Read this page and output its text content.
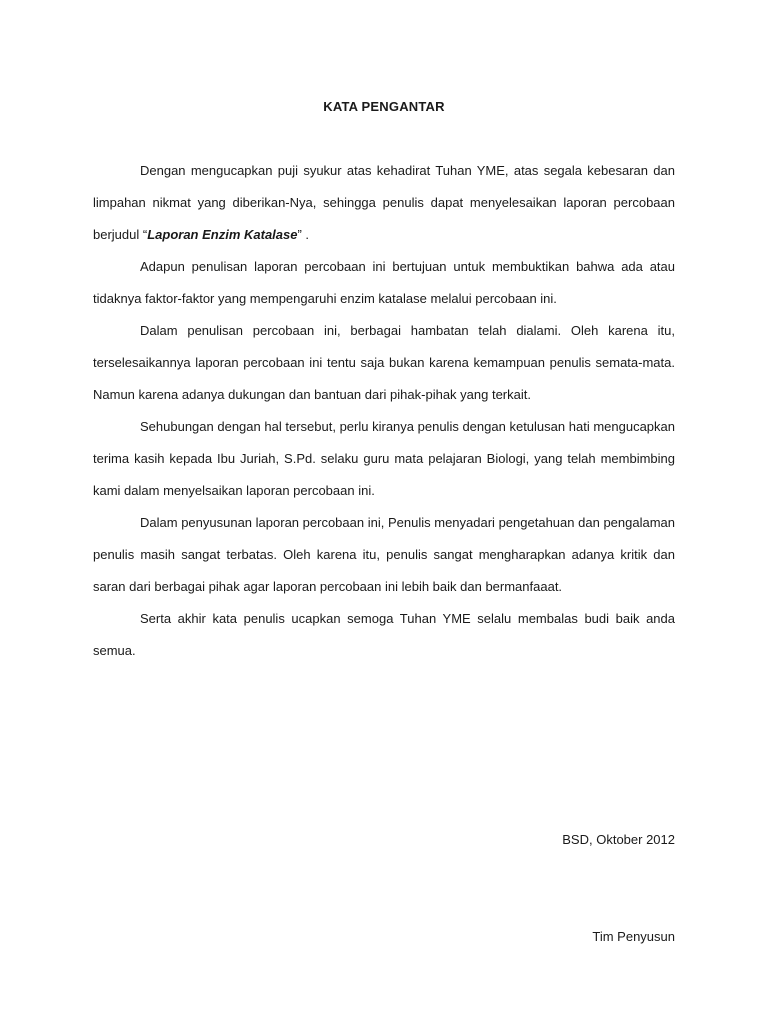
KATA PENGANTAR

Dengan mengucapkan puji syukur atas kehadirat Tuhan YME, atas segala kebesaran dan limpahan nikmat yang diberikan-Nya, sehingga penulis dapat menyelesaikan laporan percobaan berjudul “Laporan Enzim Katalase” .

Adapun penulisan laporan percobaan ini bertujuan untuk membuktikan bahwa ada atau tidaknya faktor-faktor yang mempengaruhi enzim katalase melalui percobaan ini.

Dalam penulisan percobaan ini, berbagai hambatan telah dialami. Oleh karena itu, terselesaikannya laporan percobaan ini tentu saja bukan karena kemampuan penulis semata-mata. Namun karena adanya dukungan dan bantuan dari pihak-pihak yang terkait.

Sehubungan dengan hal tersebut, perlu kiranya penulis dengan ketulusan hati mengucapkan terima kasih kepada Ibu Juriah, S.Pd. selaku guru mata pelajaran Biologi, yang telah membimbing kami dalam menyelsaikan laporan percobaan ini.

Dalam penyusunan laporan percobaan ini, Penulis menyadari pengetahuan dan pengalaman penulis masih sangat terbatas. Oleh karena itu, penulis sangat mengharapkan adanya kritik dan saran dari berbagai pihak agar laporan percobaan ini lebih baik dan bermanfaaat.

Serta akhir kata penulis ucapkan semoga Tuhan YME selalu membalas budi baik anda semua.

BSD, Oktober 2012

Tim Penyusun
